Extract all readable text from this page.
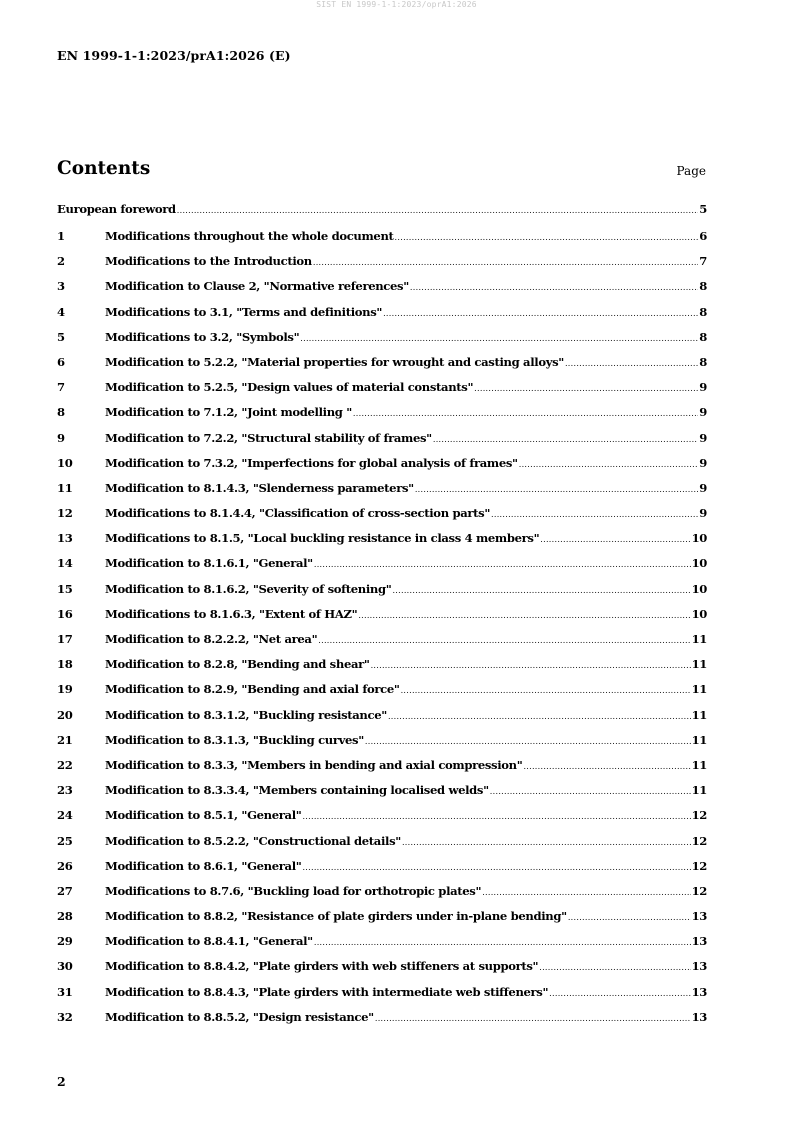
SIST EN 1999-1-1:2023/oprA1:2026
EN 1999-1-1:2023/prA1:2026 (E)
Contents	Page
European foreword .....	5
1	Modifications throughout the whole document .....	6
2	Modifications to the Introduction .....	7
3	Modification to Clause 2, "Normative references" .....	8
4	Modifications to 3.1, "Terms and definitions" .....	8
5	Modifications to 3.2, "Symbols" .....	8
6	Modification to 5.2.2, "Material properties for wrought and casting alloys" .....	8
7	Modification to 5.2.5, "Design values of material constants" .....	9
8	Modification to 7.1.2, "Joint modelling " .....	9
9	Modification to 7.2.2, "Structural stability of frames" .....	9
10	Modification to 7.3.2, "Imperfections for global analysis of frames" .....	9
11	Modification to 8.1.4.3, "Slenderness parameters" .....	9
12	Modifications to 8.1.4.4, "Classification of cross-section parts" .....	9
13	Modifications to 8.1.5, "Local buckling resistance in class 4 members" .....	10
14	Modification to 8.1.6.1, "General" .....	10
15	Modification to 8.1.6.2, "Severity of softening" .....	10
16	Modifications to 8.1.6.3, "Extent of HAZ" .....	10
17	Modification to 8.2.2.2, "Net area" .....	11
18	Modification to 8.2.8, "Bending and shear" .....	11
19	Modification to 8.2.9, "Bending and axial force" .....	11
20	Modification to 8.3.1.2, "Buckling resistance" .....	11
21	Modification to 8.3.1.3, "Buckling curves" .....	11
22	Modification to 8.3.3, "Members in bending and axial compression" .....	11
23	Modification to 8.3.3.4, "Members containing localised welds" .....	11
24	Modification to 8.5.1, "General" .....	12
25	Modification to 8.5.2.2, "Constructional details" .....	12
26	Modification to 8.6.1, "General" .....	12
27	Modifications to 8.7.6, "Buckling load for orthotropic plates" .....	12
28	Modification to 8.8.2, "Resistance of plate girders under in-plane bending" .....	13
29	Modification to 8.8.4.1, "General" .....	13
30	Modification to 8.8.4.2, "Plate girders with web stiffeners at supports" .....	13
31	Modification to 8.8.4.3, "Plate girders with intermediate web stiffeners" .....	13
32	Modification to 8.8.5.2, "Design resistance" .....	13
2
